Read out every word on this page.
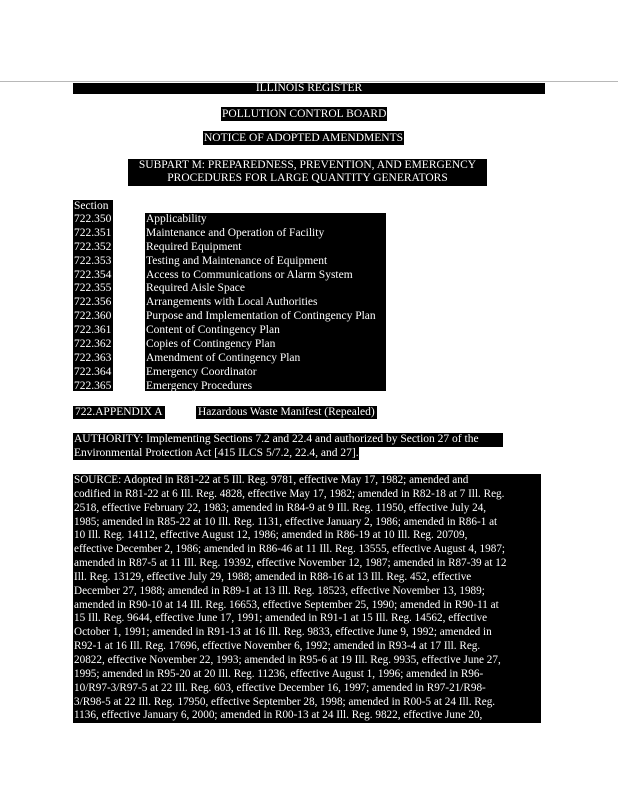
ILLINOIS REGISTER
POLLUTION CONTROL BOARD
NOTICE OF ADOPTED AMENDMENTS
SUBPART M: PREPAREDNESS, PREVENTION, AND EMERGENCY
PROCEDURES FOR LARGE QUANTITY GENERATORS
Section
722.350
722.351
722.352
722.353
722.354
722.355
722.356
722.360
722.361
722.362
722.363
722.364
722.365
Applicability
Maintenance and Operation of Facility
Required Equipment
Testing and Maintenance of Equipment
Access to Communications or Alarm System
Required Aisle Space
Arrangements with Local Authorities
Purpose and Implementation of Contingency Plan
Content of Contingency Plan
Copies of Contingency Plan
Amendment of Contingency Plan
Emergency Coordinator
Emergency Procedures
722.APPENDIX A	Hazardous Waste Manifest (Repealed)
AUTHORITY: Implementing Sections 7.2 and 22.4 and authorized by Section 27 of the
Environmental Protection Act [415 ILCS 5/7.2, 22.4, and 27].
SOURCE: Adopted in R81-22 at 5 Ill. Reg. 9781, effective May 17, 1982; amended and
codified in R81-22 at 6 Ill. Reg. 4828, effective May 17, 1982; amended in R82-18 at 7 Ill. Reg.
2518, effective February 22, 1983; amended in R84-9 at 9 Ill. Reg. 11950, effective July 24,
1985; amended in R85-22 at 10 Ill. Reg. 1131, effective January 2, 1986; amended in R86-1 at
10 Ill. Reg. 14112, effective August 12, 1986; amended in R86-19 at 10 Ill. Reg. 20709,
effective December 2, 1986; amended in R86-46 at 11 Ill. Reg. 13555, effective August 4, 1987;
amended in R87-5 at 11 Ill. Reg. 19392, effective November 12, 1987; amended in R87-39 at 12
Ill. Reg. 13129, effective July 29, 1988; amended in R88-16 at 13 Ill. Reg. 452, effective
December 27, 1988; amended in R89-1 at 13 Ill. Reg. 18523, effective November 13, 1989;
amended in R90-10 at 14 Ill. Reg. 16653, effective September 25, 1990; amended in R90-11 at
15 Ill. Reg. 9644, effective June 17, 1991; amended in R91-1 at 15 Ill. Reg. 14562, effective
October 1, 1991; amended in R91-13 at 16 Ill. Reg. 9833, effective June 9, 1992; amended in
R92-1 at 16 Ill. Reg. 17696, effective November 6, 1992; amended in R93-4 at 17 Ill. Reg.
20822, effective November 22, 1993; amended in R95-6 at 19 Ill. Reg. 9935, effective June 27,
1995; amended in R95-20 at 20 Ill. Reg. 11236, effective August 1, 1996; amended in R96-
10/R97-3/R97-5 at 22 Ill. Reg. 603, effective December 16, 1997; amended in R97-21/R98-
3/R98-5 at 22 Ill. Reg. 17950, effective September 28, 1998; amended in R00-5 at 24 Ill. Reg.
1136, effective January 6, 2000; amended in R00-13 at 24 Ill. Reg. 9822, effective June 20,
